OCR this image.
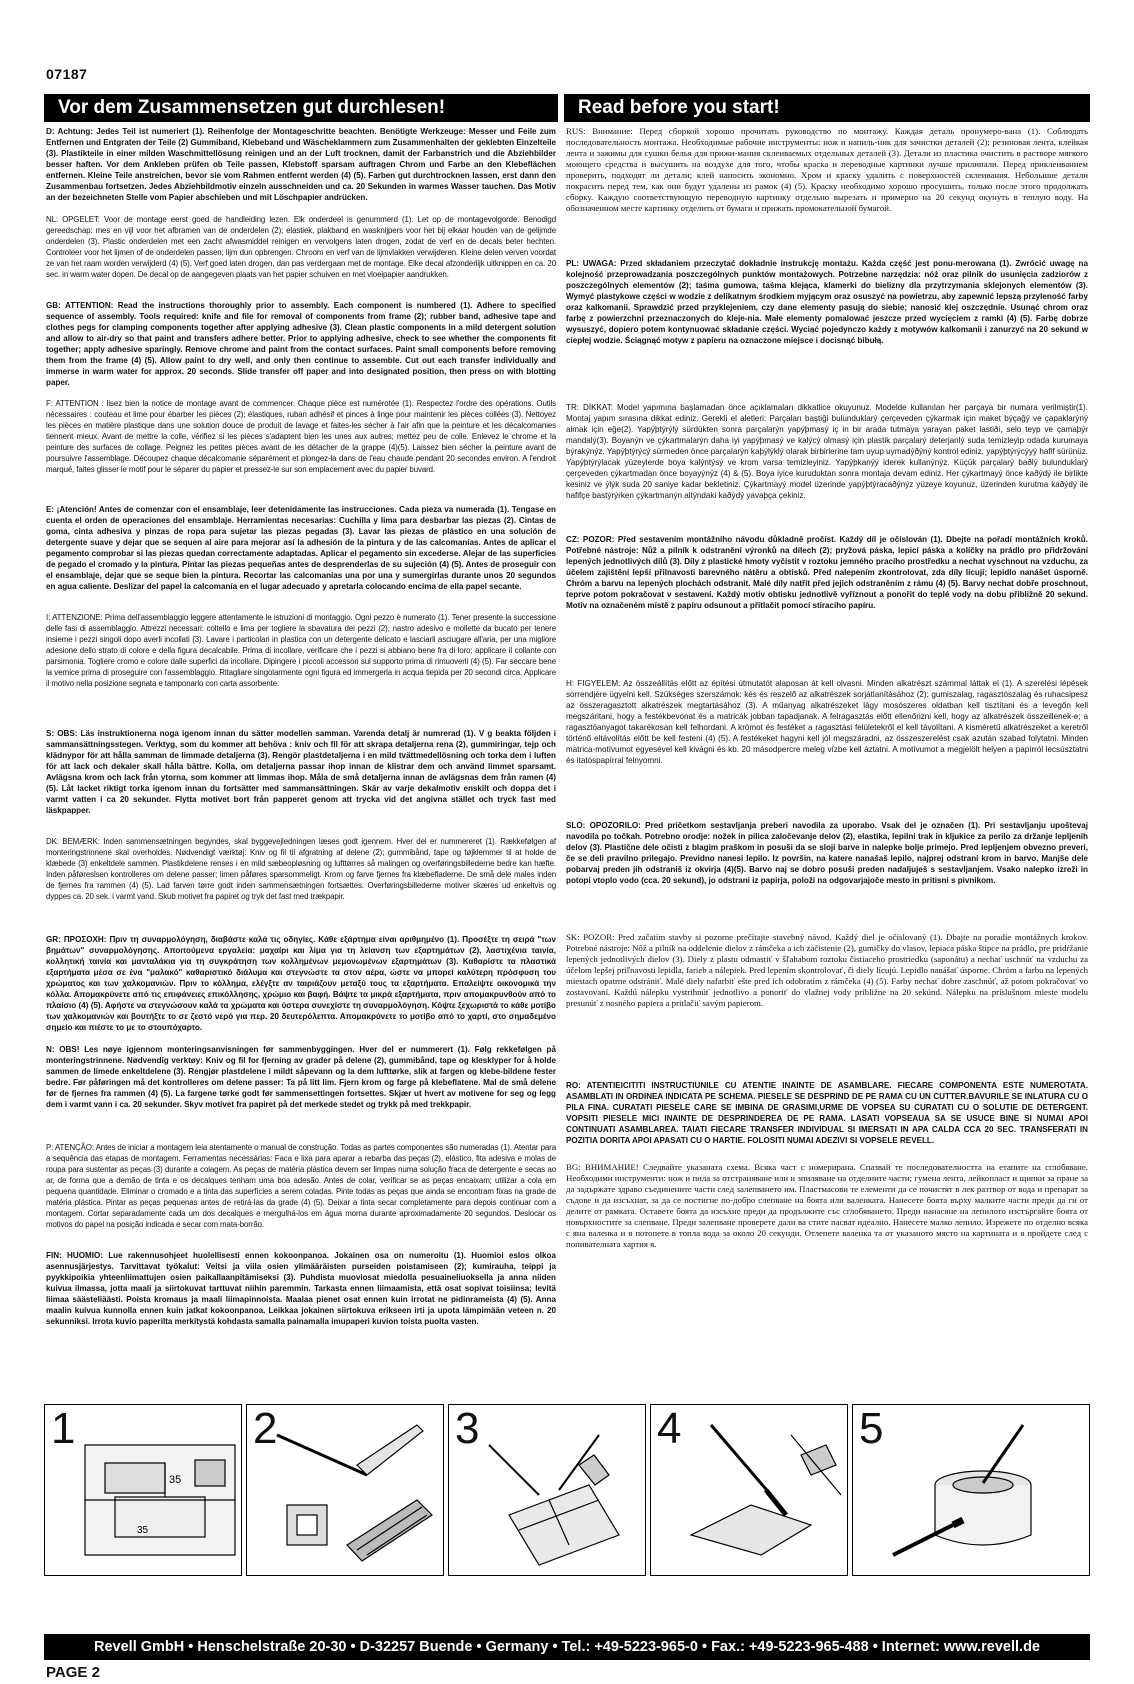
07187
Vor dem Zusammensetzen gut durchlesen!	Read before you start!

D: Achtung: Jedes Teil ist numeriert (1). Reihenfolge der Montageschritte beachten. Benötigte Werkzeuge: Messer und Feile zum Entfernen und Entgraten der Teile (2) Gummiband, Klebeband und Wäscheklammern zum Zusammenhalten der geklebten Einzelteile (3). Plastikteile in einer milden Waschmittellösung reinigen und an der Luft trocknen, damit der Farbanstrich und die Abziehbilder besser haften. Vor dem Ankleben prüfen ob Teile passen, Klebstoff sparsam auftragen Chrom und Farbe an den Klebeflächen entfernen. Kleine Teile anstreichen, bevor sie vom Rahmen entfernt werden (4) (5). Farben gut durchtrocknen lassen, erst dann den Zusammenbau fortsetzen. Jedes Abziehbildmotiv einzeln ausschneiden und ca. 20 Sekunden in warmes Wasser tauchen. Das Motiv an der bezeichneten Stelle vom Papier abschieben und mit Löschpapier andrücken.

NL: OPGELET: Voor de montage eerst goed de handleiding lezen. Elk onderdeel is genummerd (1). Let op de montagevolgorde. Benodigd gereedschap: mes en vijl voor het afbramen van de onderdelen (2); elastiek, plakband en wasknijpers voor het bij elkaar houden van de gelijmde onderdelen (3). Plastic onderdelen met een zacht afwasmiddel reinigen en vervolgens laten drogen, zodat de verf en de decals beter hechten. Controleer voor het lijmen of de onderdelen passen; lijm dun opbrengen. Chroom en verf van de lijmvlakken verwijderen. Kleine delen verven voordat ze van het raam worden verwijderd (4) (5). Verf goed laten drogen, dan pas verdergaan met de montage. Elke decal afzonderlijk uitknippen en ca. 20 sec. in warm water dopen. De decal op de aangegeven plaats van het papier schuiven en met vloeipapier aandrukken.

GB: ATTENTION: Read the instructions thoroughly prior to assembly. Each component is numbered (1). Adhere to specified sequence of assembly. Tools required: knife and file for removal of components from frame (2); rubber band, adhesive tape and clothes pegs for clamping components together after applying adhesive (3). Clean plastic components in a mild detergent solution and allow to air-dry so that paint and transfers adhere better. Prior to applying adhesive, check to see whether the components fit together; apply adhesive sparingly. Remove chrome and paint from the contact surfaces. Paint small components before removing them from the frame (4) (5). Allow paint to dry well, and only then continue to assemble. Cut out each transfer individually and immerse in warm water for approx. 20 seconds. Slide transfer off paper and into designated position, then press on with blotting paper.

F: ATTENTION : lisez bien la notice de montage avant de commencer. Chaque pièce est numérotée (1). Respectez l'ordre des opérations. Outils nécessaires : couteau et lime pour ébarber les pièces (2); élastiques, ruban adhésif et pinces à linge pour maintenir les pièces collées (3). Nettoyez les pièces en matière plastique dans une solution douce de produit de lavage et faites-les sécher à l'air afin que la peinture et les décalcomanies tiennent mieux. Avant de mettre la colle, vérifiez si les pièces s'adaptent bien les unes aux autres; mettez peu de colle. Enlevez le chrome et la peinture des surfaces de collage. Peignez les petites pièces avant de les détacher de la grappe (4)(5). Laissez bien sécher la peinture avant de poursuivre l'assemblage. Découpez chaque décalcomanie séparément et plongez-la dans de l'eau chaude pendant 20 secondes environ. A l'endroit marqué, faites glisser le motif pour le séparer du papier et pressez-le sur son emplacement avec du papier buvard.

E: ¡Atención! Antes de comenzar con el ensamblaje, leer detenidamente las instrucciones. Cada pieza va numerada (1). Tengase en cuenta el orden de operaciones del ensamblaje. Herramientas necesarias: Cuchilla y lima para desbarbar las piezas (2). Cintas de goma, cinta adhesiva y pinzas de ropa para sujetar las piezas pegadas (3). Lavar las piezas de plástico en una solución de detergente suave y dejar que se sequen al aire para mejorar así la adhesión de la pintura y de las calcomanías. Antes de aplicar el pegamento comprobar si las piezas quedan correctamente adaptadas. Aplicar el pegamento sin excederse. Alejar de las superficies de pegado el cromado y la pintura. Pintar las piezas pequeñas antes de desprenderlas de su sujeción (4) (5). Antes de proseguir con el ensamblaje, dejar que se seque bien la pintura. Recortar las calcomanías una por una y sumergirlas durante unos 20 segundos en agua caliente. Deslizar del papel la calcomanía en el lugar adecuado y apretarla colocando encima de ella papel secante.

I: ATTENZIONE: Prima dell'assemblaggio leggere attentamente le istruzioni di montaggio. Ogni pezzo è numerato (1). Tener presente la successione delle fasi di assemblaggio. Attrezzi necessari: coltello e lima per togliere la sbavatura dei pezzi (2), nastro adesivo e mollette da bucato per tenere insieme i pezzi singoli dopo averli incollati (3). Lavare i particolari in plastica con un detergente delicato e lasciarli asciugare all'aria, per una migliore adesione dello strato di colore e della figura decalcabile. Prima di incollare, verificare che i pezzi si abbiano bene fra di loro; applicare il collante con parsimonia. Togliere cromo e colore dalle superfici da incollare. Dipingere i piccoli accessori sul supporto prima di rimuoverli (4) (5). Far seccare bene la vernice prima di proseguire con l'assemblaggio. Ritagliare singolarmente ogni figura ed immergerla in acqua tiepida per 20 secondi circa. Applicare il motivo nella posizione segnata e tamponarlo con carta assorbente.

S: OBS: Läs instruktionerna noga igenom innan du sätter modellen samman. Varenda detalj är numrerad (1). V g beakta följden i sammansättningsstegen. Verktyg, som du kommer att behöva : kniv och fil för att skrapa detaljerna rena (2), gummiringar, tejp och klädnypor för att hålla samman de limmade detaljerna (3). Rengör plastdetaljerna i en mild tvättmedellösning och torka dem i luften för att lack och dekaler skall hålla bättre. Kolla, om detaljerna passar ihop innan de klistrar dem och använd limmet sparsamt. Avlägsna krom och lack från ytorna, som kommer att limmas ihop. Måla de små detaljerna innan de avlägsnas dem från ramen (4) (5). Låt lacket riktigt torka igenom innan du fortsätter med sammansättningen. Skär av varje dekalmotiv enskilt och doppa det i varmt vatten i ca 20 sekunder. Flytta motivet bort från papperet genom att trycka vid det angivna stället och tryck fast med läskpapper.

DK: BEMÆRK: Inden sammensætningen begyndes, skal byggevejledningen læses godt igennem. Hver del er nummereret (1). Rækkefølgen af monteringstrinnene skal overholdes. Nødvendigt værktøj: Kniv og fil til afgratning af delene (2); gummibånd, tape og tøjklemmer til at holde de klæbede (3) enkeltdele sammen. Plastikdelene renses i en mild sæbeopløsning og lufttørres så malingen og overføringsbillederne bedre kan hæfte. Inden påføreslsen kontrolleres om delene passer; limen påføres sparsommeligt. Krom og farve fjernes fra klæbefladerne. De små dele males inden de fjernes fra rammen (4) (5). Lad farven tørre godt inden sammensætningen fortsættes. Overføringsbillederne motiver skæres ud enkeltvis og dyppes ca. 20 sek. i varmt vand. Skub motivet fra papiret og tryk det fast med trækpapir.

GR: ΠΡΟΣΟΧΗ: Πριν τη συναρμολόγηση, διαβάστε καλά τις οδηγίες. Κάθε εξάρτημα είναι αριθμημένο (1). Προσέξτε τη σειρά "των βημάτων" συναρμολόγησης. Αποιτούμενα εργαλεία: μαχαίρι και λίμα για τη λείανση των εξαρτημάτων (2), λαστιχένια ταινία, κολλητική ταινία και μανταλάκια για τη συγκράτηση των κολλημένων μεμονωμένων εξαρτημάτων (3). Καθαρίστε τα πλαστικά εξαρτήματα μέσα σε ένα "μαλακό" καθαριστικό διάλυμα και στεγνώστε τα στον αέρα, ώστε να μπορεί καλύτερη πρόσφυση του χρώματος και των χαλκομανιών. Πριν το κόλλημα, ελέγξτε αν ταιριάζουν μεταξύ τους τα εξαρτήματα. Επαλείψτε οικονομικά την κόλλα. Απομακρύνετε από τις επιφάνειες επικόλλησης, χρώμιο και βαφή. Βάψτε τα μικρά εξαρτήματα, πριν απομακρυνθούν από το πλαίσιο (4) (5). Αφήστε να στεγνώσουν καλά τα χρώματα και ύστερα συνεχίστε τη συναρμολόγηση. Κόψτε ξεχωριστά το κάθε μοτίβο των χαλκομανιών και βουτήξτε το σε ζεστό νερό για περ. 20 δευτερόλεπτα. Απομακρύνετε το μοτίβο από το χαρτί, στο σημαδεμένο σημείο και πιέστε το με το στουπόχαρτο.

N: OBS! Les nøye igjennom monteringsanvisningen før sammenbyggingen. Hver del er nummerert (1). Følg rekkefølgen på monteringstrinnene. Nødvendig verktøy: Kniv og fil for fjerning av grader på delene (2), gummibånd, tape og klesklyper for å holde sammen de limede enkeltdelene (3). Rengjør plastdelene i mildt såpevann og la dem lufttørke, slik at fargen og klebe-bildene fester bedre. Før påføringen må det kontrolleres om delene passer: Ta på litt lim. Fjern krom og farge på klebeflatene. Mal de små delene før de fjernes fra rammen (4) (5). La fargene tørke godt før sammensettingen fortsettes. Skjær ut hvert av motivene for seg og legg dem i varmt vann i ca. 20 sekunder. Skyv motivet fra papiret på det merkede stedet og trykk på med trekkpapir.

P: ATENÇÃO: Antes de iniciar a montagem leia atentamente o manual de construção. Todas as partes componentes são numeradas (1). Atentar para a sequência das etapas de montagem. Ferramentas necessárias: Faca e lixa para aparar a rebarba das peças (2), elástico, fita adesiva e molas de roupa para sustentar as peças (3) durante a colagem. As peças de matéria plástica devem ser limpas numa solução fraca de detergente e secas ao ar, de forma que a demão de tinta e os decalques tenham uma boa adesão. Antes de colar, verificar se as peças encaixam; utilizar a cola em pequena quantidade. Eliminar o cromado e a tinta das superfícies a serem coladas. Pinte todas as peças que ainda se encontram fixas na grade de matéria plástica. Pintar as peças pequenas antes de retirá-las da grade (4) (5). Deixar a tinta secar completamente para depois continuar com a montagem. Cortar separadamente cada um dos decalques e mergulhá-los em água morna durante aproximadamente 20 segundos. Deslocar os motivos do papel na posição indicada e secar com mata-borrão.

FIN: HUOMIO: Lue rakennusohjeet huolellisesti ennen kokoonpanoa. Jokainen osa on numeroitu (1). Huomioi eslos olkoa asennusjärjestys. Tarvittavat työkalut: Veitsi ja viila osien ylimääräisten purseiden poistamiseen (2); kumirauha, teippi ja pyykkipoikia yhteenliimattujen osien paikallaanpitämiseksi (3). Puhdista muoviosat miedolla pesuaineliuoksella ja anna niiden kuivua ilmassa, jotta maali ja siirtokuvat tarttuvat niihin paremmin. Tarkasta ennen liimaamista, että osat sopivat toisiinsa; levitä liimaa säästeliäästi. Poista kromaus ja maali liimapinnoista. Maalaa pienet osat ennen kuin irrotat ne pidinrameista (4) (5). Anna maalin kuivua kunnolla ennen kuin jatkat kokoonpanoa. Leikkaa jokainen siirtokuva erikseen irti ja upota lämpimään veteen n. 20 sekunniksi. Irrota kuvio paperilta merkitystä kohdasta samalla painamalla imupaperi kuvion toista puolta vasten.

RUS: Внимание: Перед сборкой хорошо прочитать руководство по монтажу. Каждая деталь пронумеро-вана (1). Соблюдать последовательность монтажа. Необходимые рабочие инструменты: нож и напиль-ник для зачистки деталей (2); резиновая лента, клейкая лента и зажимы для сушки белья для прижи-мания склеиваемых отдельных деталей (3). Детали из пластика очистить в растворе мягкого моющего средства и высушить на воздухе для того, чтобы краска и переводные картинки лучше прилипали. Перед приклеиванием проверить, подходят ли детали; клей наносить экономно. Хром и краску удалить с поверхностей склеивания. Небольшие детали покрасить перед тем, как они будут удалены из рамок (4) (5). Краску необходимо хорошо просушить, только после этого продолжать сборку. Каждую соответствующую переводную картинку отдельно вырезать и примерно на 20 секунд окунуть в теплую воду. На обозначенном месте картинку отделить от бумаги и прижать промокательной бумагой.

PL: UWAGA: Przed składaniem przeczytać dokładnie instrukcję montażu. Każda część jest ponu-merowana (1). Zwrócić uwagę na kolejność przeprowadzania poszczególnych punktów montażowych. Potrzebne narzędzia: nóż oraz pilnik do usunięcia zadziorów z poszczególnych elementów (2); taśma gumowa, taśma klejąca, klamerki do bielizny dla przytrzymania sklejonych elementów (3). Wymyć plastykowe części w wodzie z delikatnym środkiem myjącym oraz osuszyć na powietrzu, aby zapewnić lepszą przyleność farby oraz kalkomanii. Sprawdzić przed przyklejeniem, czy dane elementy pasują do siebie; nanosić klej oszczędnie. Usunąć chrom oraz farbę z powierzchni przeznaczonych do kleje-nia. Małe elementy pomalować jeszcze przed wycięciem z ramki (4) (5). Farbę dobrze wysuszyć, dopiero potem kontynuować składanie części. Wyciąć pojedynczo każdy z motywów kalkomanii i zanurzyć na 20 sekund w ciepłej wodzie. Ściągnąć motyw z papieru na oznaczone miejsce i docisnąć bibułą.

TR: DİKKAT: Model yapımına başlamadan önce açıklamaları dikkatlice okuyunuz. Modelde kullanılan her parçaya bir numara verilmiştir(1). Montaj yapım sırasına dikkat ediniz. Gerekli el aletleri: Parçaları baştiği bulunduklarý çerçeveden çýkarmak için maket býçağý ve çapaklarýný almak için eğe(2). Yapýþtýrýlý sürdükten sonra parçalarýn yapýþmasý iç in bir arada tutmaya yarayan paket lastiði, selo teyp ve çamaþýr mandalý(3). Boyanýn ve çýkartmalarýn daha iyi yapýþmasý ve kalýcý olmasý için plastik parçalarý deterjanlý suda temizleyip odada kurumaya býrakýnýz. Yapýþtýrýcý sürmeden önce parçalarýn kaþýlýklý olarak birbirlerine tam uyup uymadýðýný kontrol ediniz, yapýþtýrýcýyý hafif sürünüz. Yapýþtýrýlacak yüzeylerde boya kalýntýsý ve krom varsa temizleyiniz. Yapýþkanýý iderek kullanýnýz. Küçük parçalarý baðlý bulunduklarý çerçeveden çýkartmadan önce boyayýnýz (4) & (5). Boya iyice kuruduktan sonra montaja devam ediniz. Her çýkartmayý önce kaðýdý ile birlikte kesiniz ve ýlýk suda 20 saniye kadar bekletiniz. Çýkartmayý model üzerinde yapýþtýracaðýnýz yüzeye koyunuz, üzerinden kurutma kaðýdý ile hafifçe bastýrýrken çýkartmanýn altýndaki kaðýdý yavaþça çekiniz.

CZ: POZOR: Před sestavením montážního návodu důkladně pročíst. Každý díl je očíslován (1). Dbejte na pořadí montážních kroků. Potřebné nástroje: Nůž a pilník k odstranění výronků na dílech (2); pryžová páska, lepicí páska a kolíčky na prádlo pro přidržování lepených jednotlivých dílů (3). Díly z plastické hmoty vyčistit v roztoku jemného pracího prostředku a nechat vyschnout na vzduchu, za účelem zajištění lepší přilnavosti barevného nátěru a obtisků. Před nalepením zkontrolovat, zda díly lícují; lepidlo nanášet úsporně. Chróm a barvu na lepených plochách odstranit. Malé díly natřít před jejich odstraněním z rámu (4) (5). Barvy nechat dobře proschnout, teprve potom pokračovat v sestavení. Každý motiv obtisku jednotlivě vyříznout a ponořit do teplé vody na dobu přibližně 20 sekund. Motiv na označeném místě z papíru odsunout a přitlačit pomocí stíracího papíru.

H: FIGYELEM: Az összeállítás előtt az építési útmutatót alaposan át kell olvasni. Minden alkatrészt számmal láttak el (1). A szerelési lépések sorrendjére ügyelni kell. Szükséges szerszámok: kés és reszelő az alkatrészek sorjátlanításához (2); gumiszalag, ragasztószalag és ruhacsipesz az összeragasztott alkatrészek megtartásához (3). A műanyag alkatrészeket lágy mosószeres oldatban kell tisztítani és a levegőn kell megszáritani, hogy a festékbevonat és a matricák jobban tapadjanak. A felragasztás előtt ellenőrizni kell, hogy az alkatrészek összeillenek-e; a ragasztóanyagot takarékosan kell felhordani. A krómot és festéket a ragasztási felületekről el kell távolítani. A kisméretű alkatrészeket a keretről történő eltávolítás előtt be kell festeni (4) (5). A festékeket hagyni kell jól megszáradni, az összeszerelést csak azután szabad folytatni. Minden matrica-motívumot egyesével kell kivágni és kb. 20 másodpercre meleg vízbe kell áztatni. A motívumot a megjelölt helyen a papírról lecsúsztatni és itatóspapírral felnyomni.

SLO: OPOZORILO: Pred pričetkom sestavljanja preberi navodila za uporabo. Vsak del je označen (1). Pri sestavljanju upoštevaj navodila po točkah. Potrebno orodje: nožek in pilica zaločevanje delov (2), elastika, lepilni trak in kljukice za perilo za držanje lepljenih delov (3). Plastične dele očisti z blagim praškom in posuši da se sloji barve in nalepke bolje primejo. Pred lepljenjem obvezno preveri, če se deli pravilno prilegajo. Previdno nanesi lepilo. Iz površin, na katere nanašaš lepilo, najprej odstrani krom in barvo. Manjše dele pobarvaj preden jih odstraniš iz okvirja (4)(5). Barvo naj se dobro posuši preden nadaljuješ s sestavljanjem. Vsako nalepko izreži in potopi vtoplo vodo (cca. 20 sekund), jo odstrani iz papirja, položi na odgovarjajoče mesto in pritisni s pivnikom.

SK: POZOR: Pred začatím stavby si pozorne prečítajte stavebný návod. Každý diel je očíslovaný (1). Dbajte na poradie montážnych krokov. Potrebné nástroje: Nôž a pilník na oddelenie dielov z rámčeka a ich začistenie (2), gumičky do vlasov, lepiaca páska štipce na prádlo, pre pridŕžanie lepených jednotlivých dielov (3). Diely z plastu odmastiť v šľahabom roztoku čistiaceho prostriedku (saponátu) a nechať uschnúť na vzduchu za účelom lepšej priľnavosti lepidla, farieb a nálepiek. Pred lepením skontrolovať, či diely lícujú. Lepidlo nanášať úsporne. Chróm a farbu na lepených miestach opatrne odstrániť. Malé diely nafarbiť ešte pred ich odobratím z rámčeka (4) (5). Farby nechať dobre zaschnúť, až potom pokračovať vo zostavovaní. Každú nálepku vystrihnúť jednotlivo a ponoriť do vlažnej vody približne na 20 sekúnd. Nálepku na príslušnom mieste modelu presunúť z nosného papiera a pritlačiť savým papierom.

RO: ATENTIEICITITI INSTRUCTIUNILE CU ATENTIE INAINTE DE ASAMBLARE. FIECARE COMPONENTA ESTE NUMEROTATA. ASAMBLATI IN ORDINEA INDICATA PE SCHEMA. PIESELE SE DESPRIND DE PE RAMA CU UN CUTTER.BAVURILE SE INLATURA CU O PILA FINA. CURATATI PIESELE CARE SE IMBINA DE GRASIMI,URME DE VOPSEA SU CURATATI CU O SOLUTIE DE DETERGENT. VOPSITI PIESELE MICI INAINTE DE DESPRINDEREA DE PE RAMA. LASATI VOPSEAUA SA SE USUCE BINE SI NUMAI APOI CONTINUATI ASAMBLAREA. TAIATI FIECARE TRANSFER INDIVIDUAL SI IMERSATI IN APA CALDA CCA 20 SEC. TRANSFERATI IN POZITIA DORITA APOI APASATI CU O HARTIE. FOLOSITI NUMAI ADEZIVI SI VOPSELE REVELL.

BG: ВНИМАНИЕ! Следвайте указаната схема. Всяка част с номерирана. Спазвай те последователността на етапите на сглобяване. Необходими инструменти: нож и пила за отстраняване или и зпиляване на отделните части; гумена лента, лейкопласт и щипки за пране за да задържате здраво съединените части след залепването им. Пластмасови те елементи да се почистят в лек разтвор от вода и препарат за съдове и да изсъхнат, за да се постигне по-добро слепване на боята или валенката. Нанесете боята върху малките части преди да ги от делите от рамката. Оставете боята да изсъхне преди да продължите със сглобяването. Преди нанасяне на лепилото изстъргайте боята от повърхностите за слепване. Преди залепване проверете дали ва стите пасват идеално. Нанесете малко лепило. Изрежете по отделно всяка с яна валенка и я потопете в топла вода за около 20 секунди. Отлепете валенка та от указаното място на картината и я пройдете след с попивателната хартия я.

1
35
35
2	3	4	5
Revell GmbH • Henschelstraße 20-30 • D-32257 Buende • Germany • Tel.: +49-5223-965-0 • Fax.: +49-5223-965-488 • Internet: www.revell.de
PAGE 2
